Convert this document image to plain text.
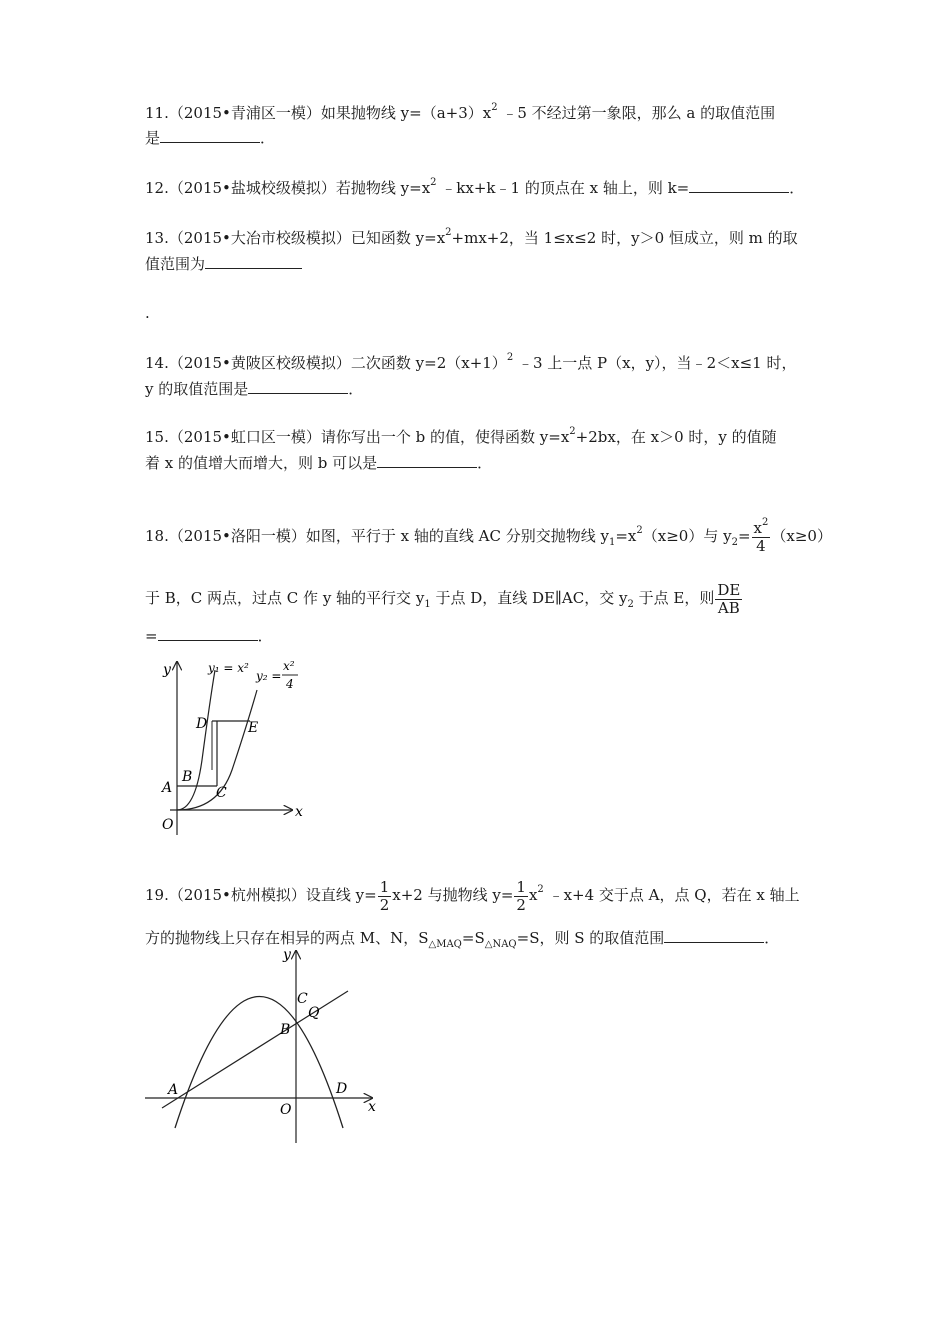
11.（2015•青浦区一模）如果抛物线 $y=(a+3)x^2$ ﹣5 不经过第一象限，那么 a 的取值范围
是	．
12.（2015•盐城校级模拟）若抛物线 $y=x^2$ ﹣kx+k﹣1 的顶点在 x 轴上，则 k=	．
13.（2015•大冶市校级模拟）已知函数 $y=x^2+mx+2$，当 1≤x≤2 时，y＞0 恒成立，则 m 的取
值范围为
.
14.（2015•黄陂区校级模拟）二次函数 $y=2(x+1)^2$ ﹣3 上一点 P（x，y），当﹣2＜x≤1 时，
y 的取值范围是	．
15.（2015•虹口区一模）请你写出一个 b 的值，使得函数 $y=x^2+2bx$，在 x＞0 时，y 的值随
着 x 的值增大而增大，则 b 可以是	．
18.（2015•洛阳一模）如图，平行于 x 轴的直线 AC 分别交抛物线 $y_1=x^2(x\ge 0)$与 $y_2= \frac{x^2}{4} (x\ge 0)$
于 B，C 两点，过点 C 作 y 轴的平行交 $y_1$ 于点 D，直线 DE∥AC，交 $y_2$ 于点 E，则 $\frac{DE}{AB}$
=	．
y
x
O
y₁ = x²
y₂ =
x²
4
A
B
C
D	E
19.（2015•杭州模拟）设直线 $y= \frac{1}{2} x+2$ 与抛物线 $y= \frac{1}{2} x^2$ ﹣x+4 交于点 A，点 Q，若在 x 轴上
方的抛物线上只存在相异的两点 M、N，$S_{\triangle MAQ}=S_{\triangle NAQ}=S$，则 S 的取值范围	．
y
x
O
A
B
C
Q
D
